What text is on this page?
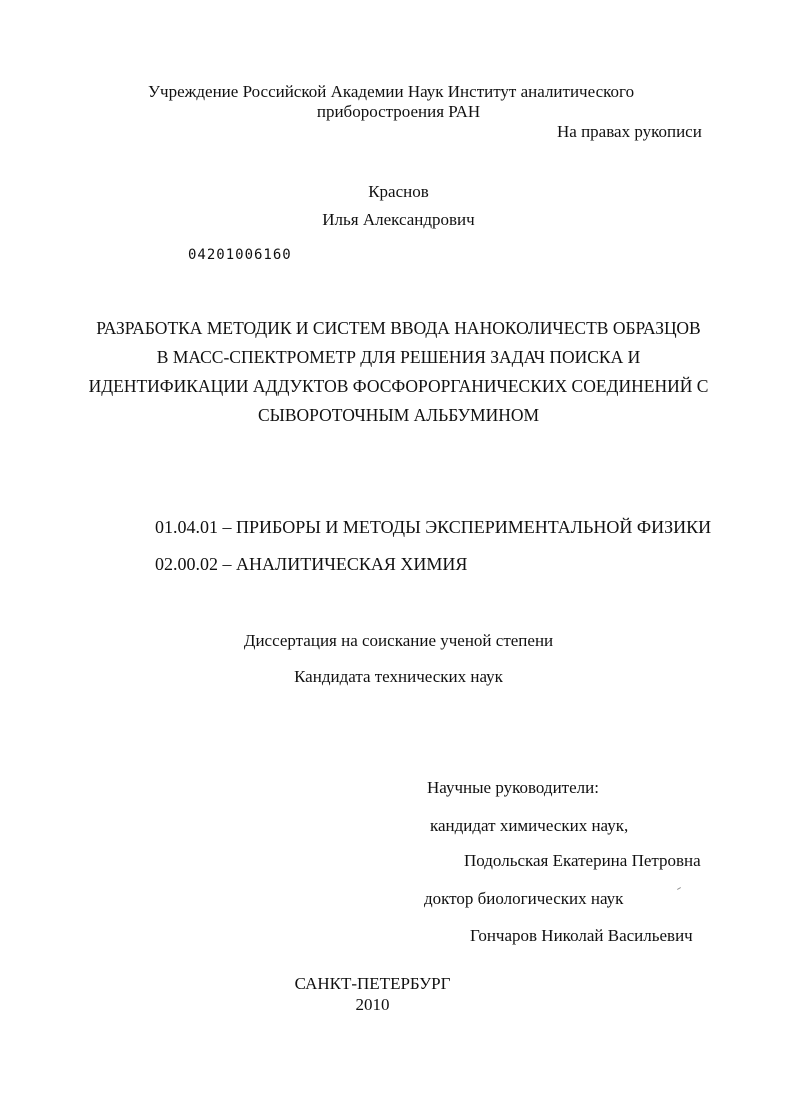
Учреждение Российской Академии Наук Институт аналитического
приборостроения РАН
На правах рукописи
Краснов
Илья Александрович
04201006160
РАЗРАБОТКА МЕТОДИК И СИСТЕМ ВВОДА НАНОКОЛИЧЕСТВ ОБРАЗЦОВ
В МАСС-СПЕКТРОМЕТР ДЛЯ РЕШЕНИЯ ЗАДАЧ ПОИСКА И
ИДЕНТИФИКАЦИИ АДДУКТОВ ФОСФОРОРГАНИЧЕСКИХ СОЕДИНЕНИЙ С
СЫВОРОТОЧНЫМ АЛЬБУМИНОМ
01.04.01 – ПРИБОРЫ И МЕТОДЫ ЭКСПЕРИМЕНТАЛЬНОЙ ФИЗИКИ
02.00.02 – АНАЛИТИЧЕСКАЯ ХИМИЯ
Диссертация на соискание ученой степени
Кандидата технических наук
Научные руководители:
кандидат химических наук,
Подольская Екатерина Петровна
доктор биологических наук
Гончаров Николай Васильевич
САНКТ-ПЕТЕРБУРГ
2010
